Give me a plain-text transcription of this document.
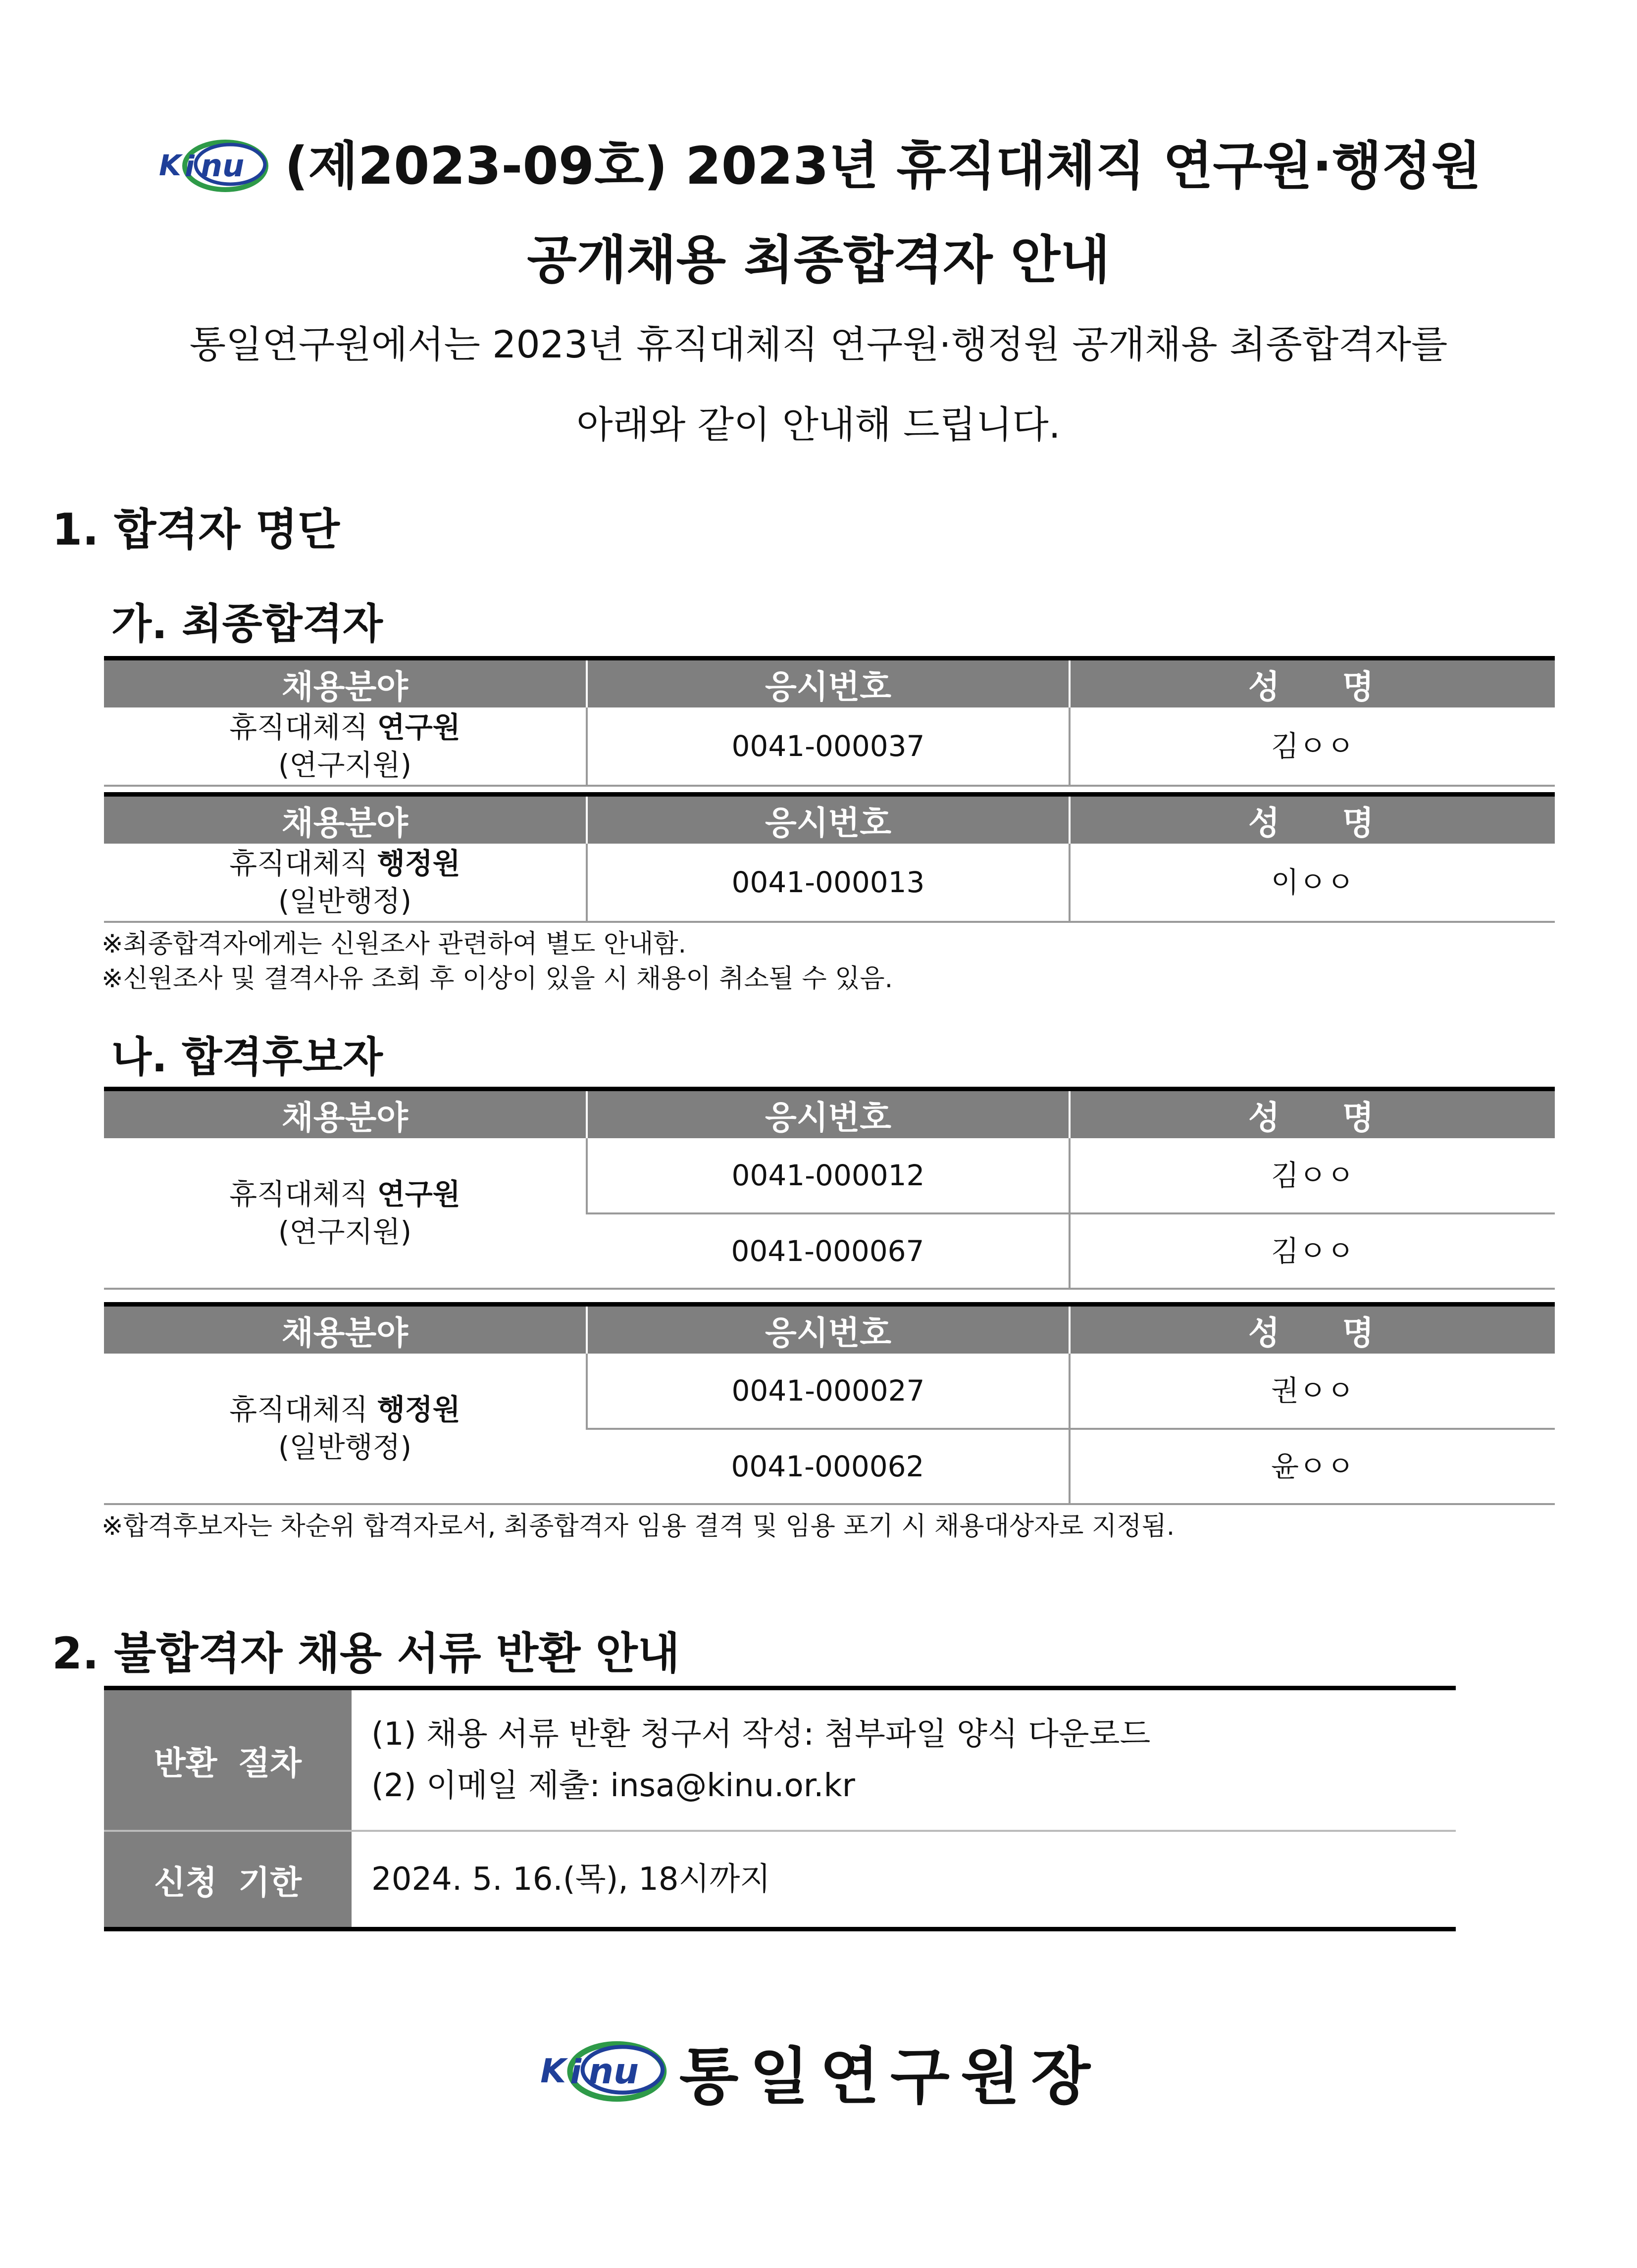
K i nu (제2023-09호) 2023년 휴직대체직 연구원·행정원
공개채용 최종합격자 안내
통일연구원에서는 2023년 휴직대체직 연구원·행정원 공개채용 최종합격자를
아래와 같이 안내해 드립니다.
1. 합격자 명단
가. 최종합격자
채용분야	응시번호	성 명

휴직대체직 연구원
(연구지원)	0041-000037	김ㅇㅇ
채용분야	응시번호	성 명

휴직대체직 행정원
(일반행정)	0041-000013	이ㅇㅇ
※최종합격자에게는 신원조사 관련하여 별도 안내함.
※신원조사 및 결격사유 조회 후 이상이 있을 시 채용이 취소될 수 있음.
나. 합격후보자
채용분야	응시번호	성 명

휴직대체직 연구원
(연구지원)	0041-000012	김ㅇㅇ
	0041-000067	김ㅇㅇ
채용분야	응시번호	성 명

휴직대체직 행정원
(일반행정)	0041-000027	권ㅇㅇ
	0041-000062	윤ㅇㅇ
※합격후보자는 차순위 합격자로서, 최종합격자 임용 결격 및 임용 포기 시 채용대상자로 지정됨.
2. 불합격자 채용 서류 반환 안내
반환 절차	(1) 채용 서류 반환 청구서 작성: 첨부파일 양식 다운로드
(2) 이메일 제출: insa@kinu.or.kr

신청 기한	2024. 5. 16.(목), 18시까지
K i nu 통일연구원장
